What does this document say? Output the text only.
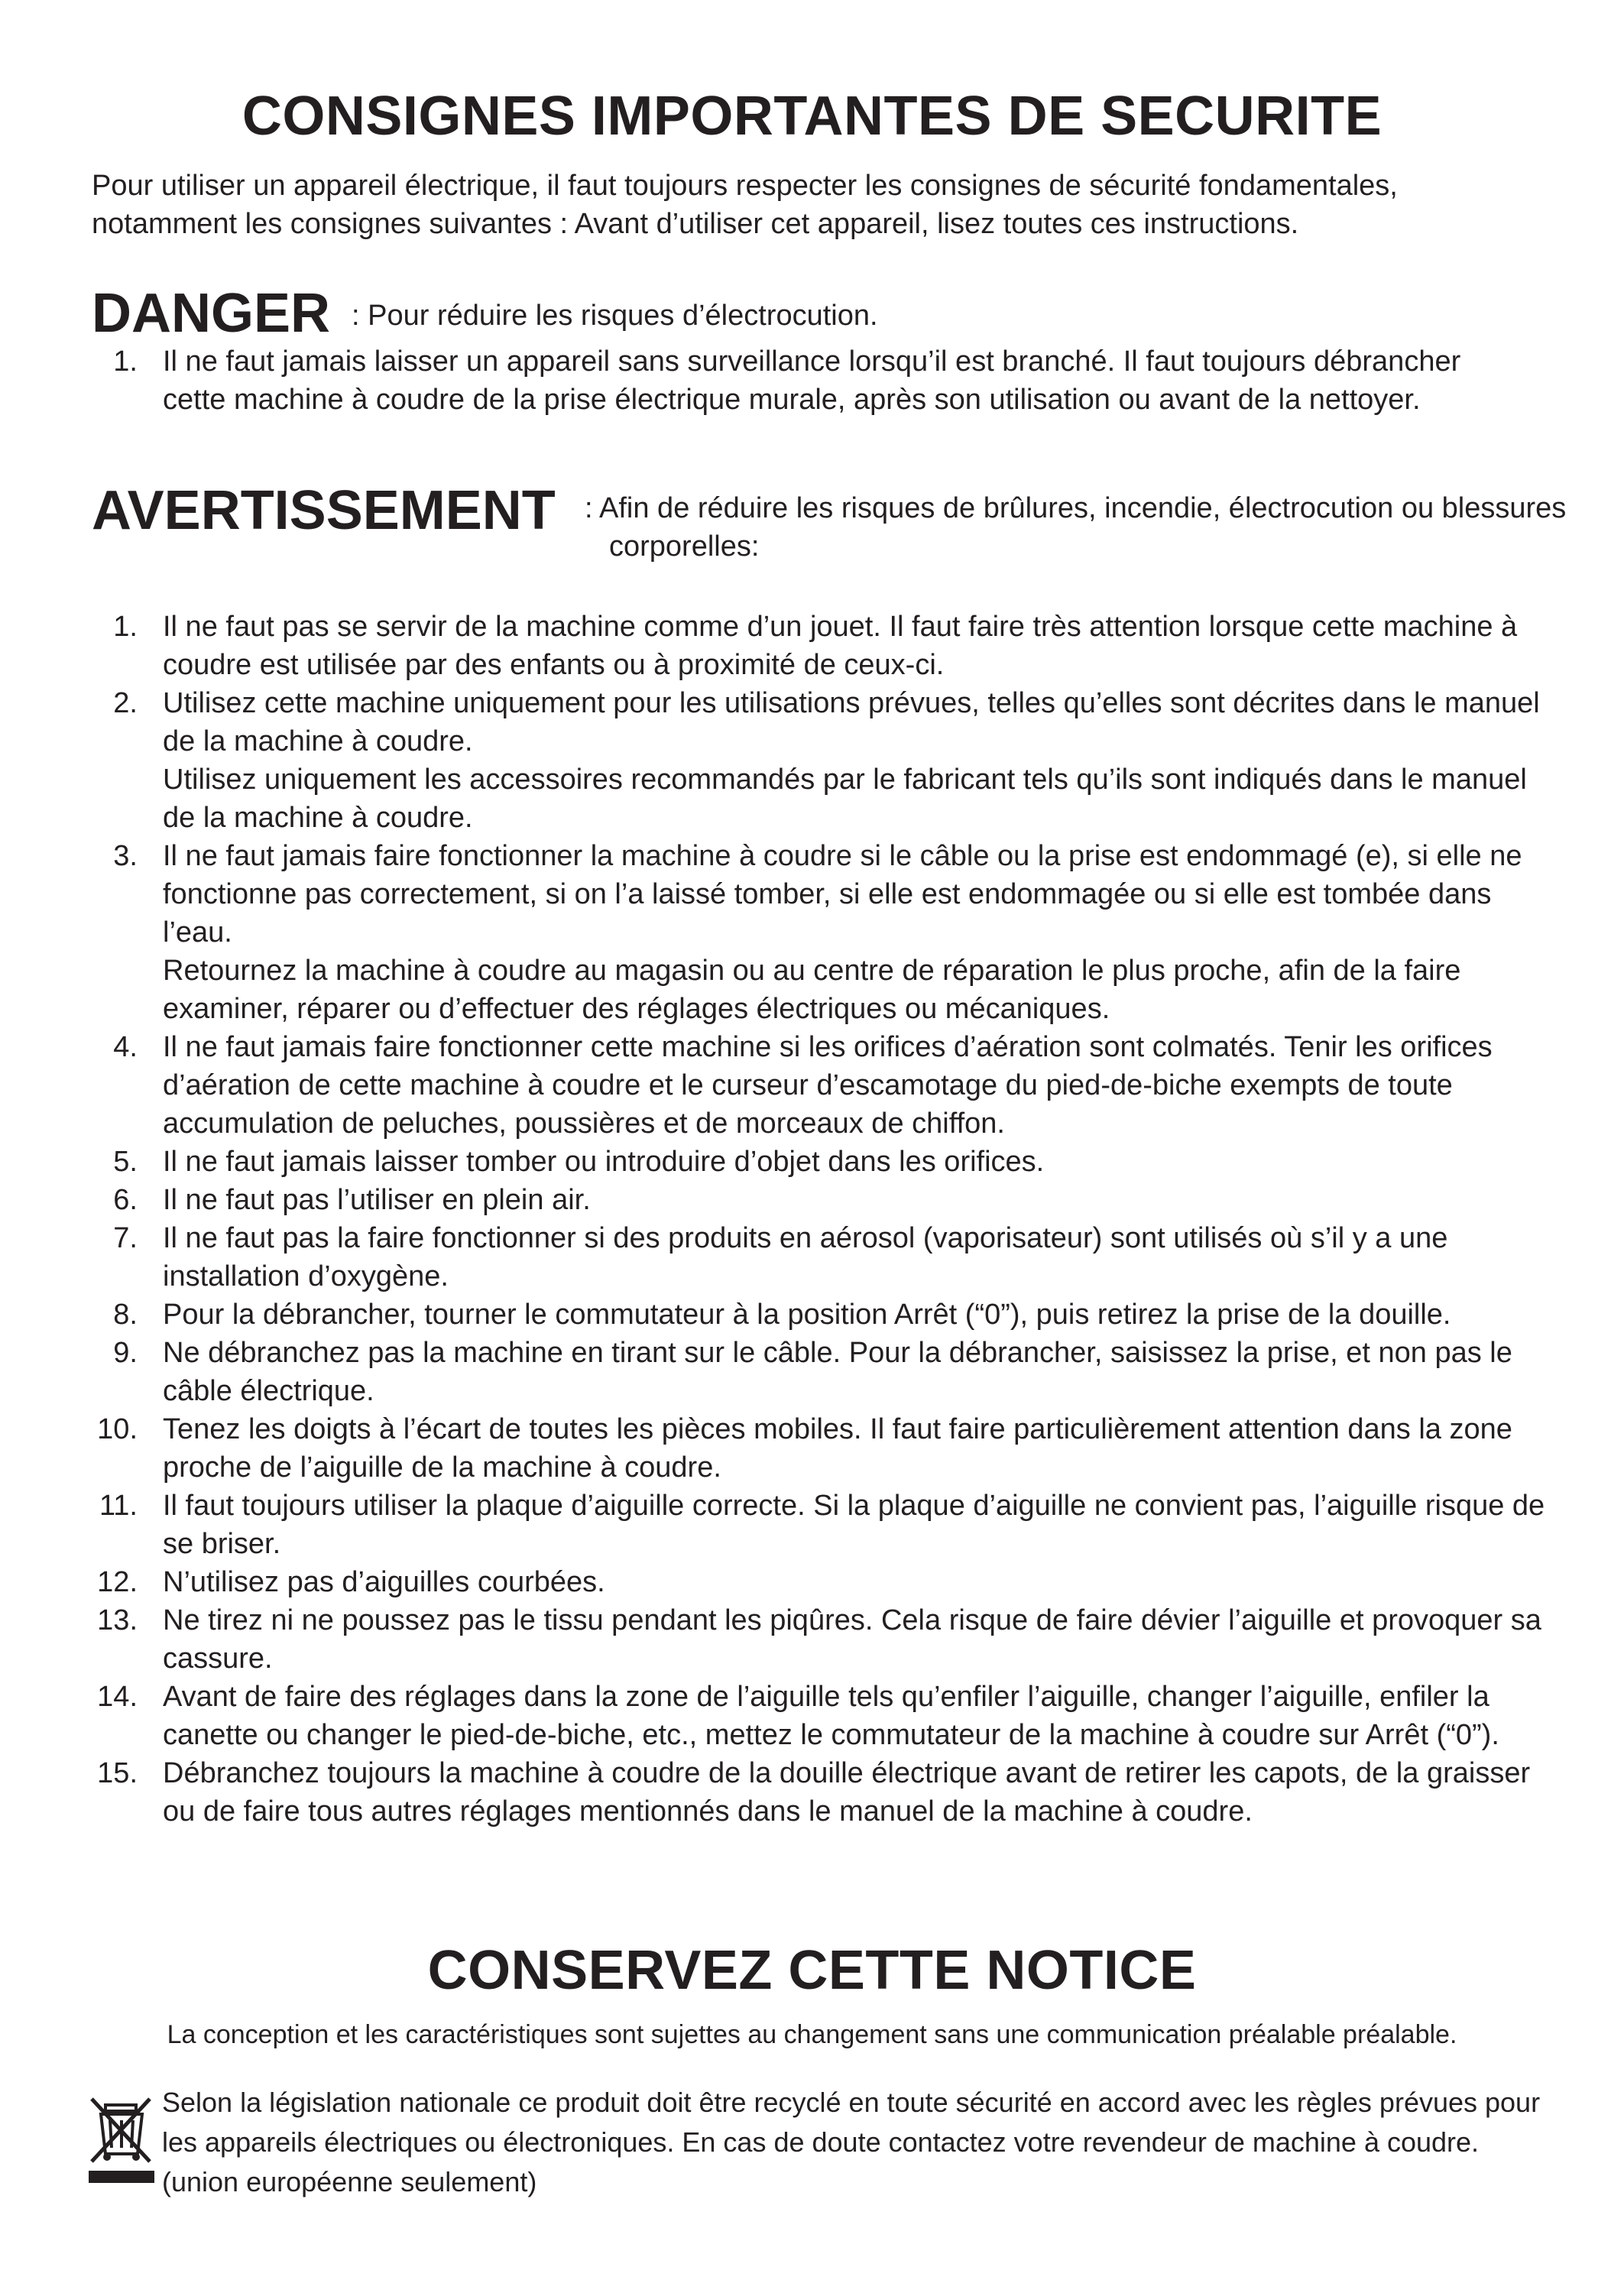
CONSIGNES IMPORTANTES DE SECURITE

Pour utiliser un appareil électrique, il faut toujours respecter les consignes de sécurité fondamentales, notamment les consignes suivantes : Avant d’utiliser cet appareil, lisez toutes ces instructions.

DANGER : Pour réduire les risques d’électrocution.
1. Il ne faut jamais laisser un appareil sans surveillance lorsqu’il est branché. Il faut toujours débrancher cette machine à coudre de la prise électrique murale, après son utilisation ou avant de la nettoyer.
AVERTISSEMENT : Afin de réduire les risques de brûlures, incendie, électrocution ou blessures corporelles:
1. Il ne faut pas se servir de la machine comme d’un jouet. Il faut faire très attention lorsque cette machine à coudre est utilisée par des enfants ou à proximité de ceux-ci.
2. Utilisez cette machine uniquement pour les utilisations prévues, telles qu’elles sont décrites dans le manuel de la machine à coudre.
Utilisez uniquement les accessoires recommandés par le fabricant tels qu’ils sont indiqués dans le manuel de la machine à coudre.
3. Il ne faut jamais faire fonctionner la machine à coudre si le câble ou la prise est endommagé (e), si elle ne fonctionne pas correctement, si on l’a laissé tomber, si elle est endommagée ou si elle est tombée dans l’eau.
Retournez la machine à coudre au magasin ou au centre de réparation le plus proche, afin de la faire examiner, réparer ou d’effectuer des réglages électriques ou mécaniques.
4. Il ne faut jamais faire fonctionner cette machine si les orifices d’aération sont colmatés. Tenir les orifices d’aération de cette machine à coudre et le curseur d’escamotage du pied-de-biche exempts de toute accumulation de peluches, poussières et de morceaux de chiffon.
5. Il ne faut jamais laisser tomber ou introduire d’objet dans les orifices.
6. Il ne faut pas l’utiliser en plein air.
7. Il ne faut pas la faire fonctionner si des produits en aérosol (vaporisateur) sont utilisés où s’il y a une installation d’oxygène.
8. Pour la débrancher, tourner le commutateur à la position Arrêt (“0”), puis retirez la prise de la douille.
9. Ne débranchez pas la machine en tirant sur le câble. Pour la débrancher, saisissez la prise, et non pas le câble électrique.
10. Tenez les doigts à l’écart de toutes les pièces mobiles. Il faut faire particulièrement attention dans la zone proche de l’aiguille de la machine à coudre.
11. Il faut toujours utiliser la plaque d’aiguille correcte. Si la plaque d’aiguille ne convient pas, l’aiguille risque de se briser.
12. N’utilisez pas d’aiguilles courbées.
13. Ne tirez ni ne poussez pas le tissu pendant les piqûres. Cela risque de faire dévier l’aiguille et provoquer sa cassure.
14. Avant de faire des réglages dans la zone de l’aiguille tels qu’enfiler l’aiguille, changer l’aiguille, enfiler la canette ou changer le pied-de-biche, etc., mettez le commutateur de la machine à coudre sur Arrêt (“0”).
15. Débranchez toujours la machine à coudre de la douille électrique avant de retirer les capots, de la graisser ou de faire tous autres réglages mentionnés dans le manuel de la machine à coudre.
CONSERVEZ CETTE NOTICE

La conception et les caractéristiques sont sujettes au changement sans une communication préalable préalable.

Selon la législation nationale ce produit doit être recyclé en toute sécurité en accord avec les règles prévues pour les appareils électriques ou électroniques. En cas de doute contactez votre revendeur de machine à coudre. (union européenne seulement)
